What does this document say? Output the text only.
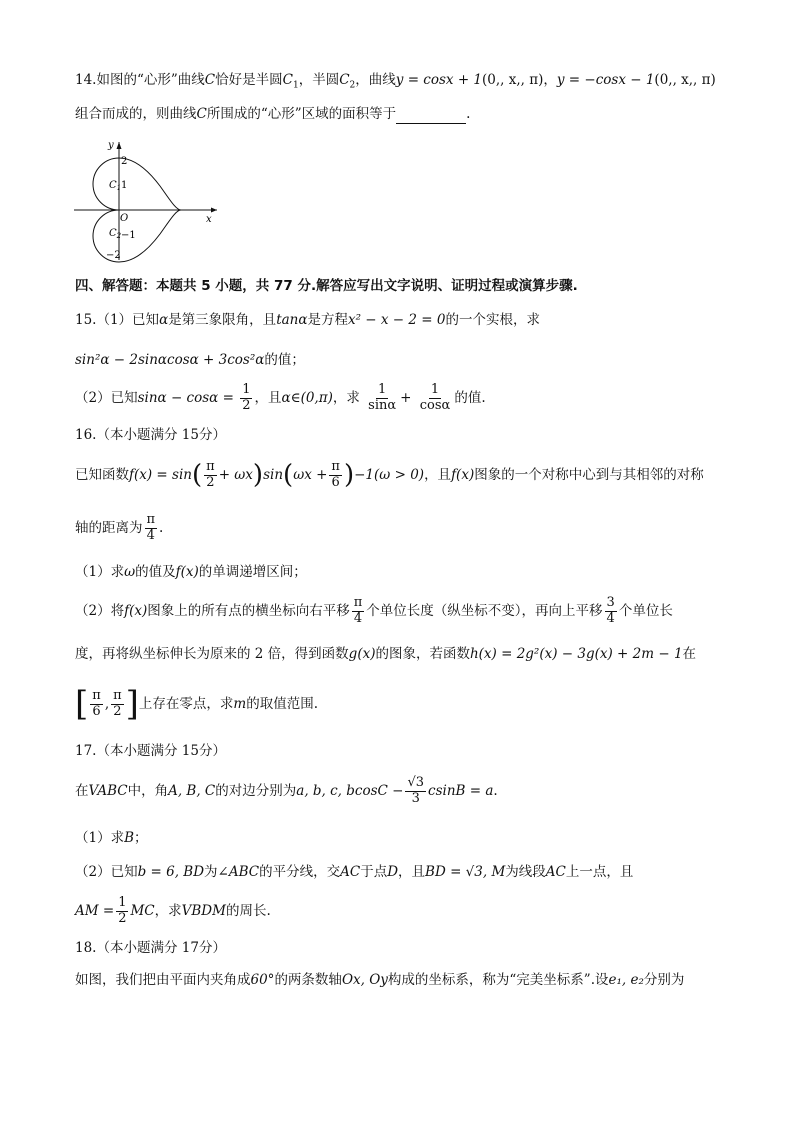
14.如图的“心形”曲线C恰好是半圆$C_1$，半圆$C_2$，曲线y = cosx + 1(0,, x,, π)，y = −cosx − 1(0,, x,, π)
组合而成的，则曲线C所围成的“心形”区域的面积等于	.
y
x
2
1
O
−1
−2
$C_1$
$C_2$
四、解答题：本题共 5 小题，共 77 分.解答应写出文字说明、证明过程或演算步骤.
15.（1）已知α是第三象限角，且tanα是方程x² − x − 2 = 0的一个实根，求
sin²α − 2sinαcosα + 3cos²α的值；
（2）已知$\sin\alpha - \cos\alpha = \frac{1}{2}$ ，且α∈(0,π)，求 $\frac{1}{\sin\alpha} + \frac{1}{\cos\alpha}$ 的值.
16.（本小题满分 15分）
已知函数$f(x) = \sin( \frac{\pi}{2} + \omega x)\sin(\omega x + \frac{\pi}{6} )-1(\omega > 0)$，且f(x)图象的一个对称中心到与其相邻的对称
轴的距离为 $\frac{\pi}{4}$ .
（1）求ω的值及f(x)的单调递增区间；
（2）将f(x)图象上的所有点的横坐标向右平移 $\frac{\pi}{4}$ 个单位长度（纵坐标不变），再向上平移 $\frac{3}{4}$ 个单位长
度，再将纵坐标伸长为原来的 2 倍，得到函数g(x)的图象，若函数h(x) = 2g²(x) − 3g(x) + 2m − 1在
[ $\frac{\pi}{6}$ , $\frac{\pi}{2}$ ]上存在零点，求m的取值范围.
17.（本小题满分 15分）
在VABC中，角A, B, C的对边分别为a, b, c, $bcosC - \frac{√3}{3}$ csinB = a.
（1）求B；
（2）已知b = 6, BD为∠ABC的平分线，交AC于点D，且BD = √3, M为线段AC上一点，且
AM = $\frac{1}{2}$ MC，求VBDM的周长.
18.（本小题满分 17分）
如图，我们把由平面内夹角成60°的两条数轴Ox, Oy构成的坐标系，称为“完美坐标系”.设e₁, e₂分别为
